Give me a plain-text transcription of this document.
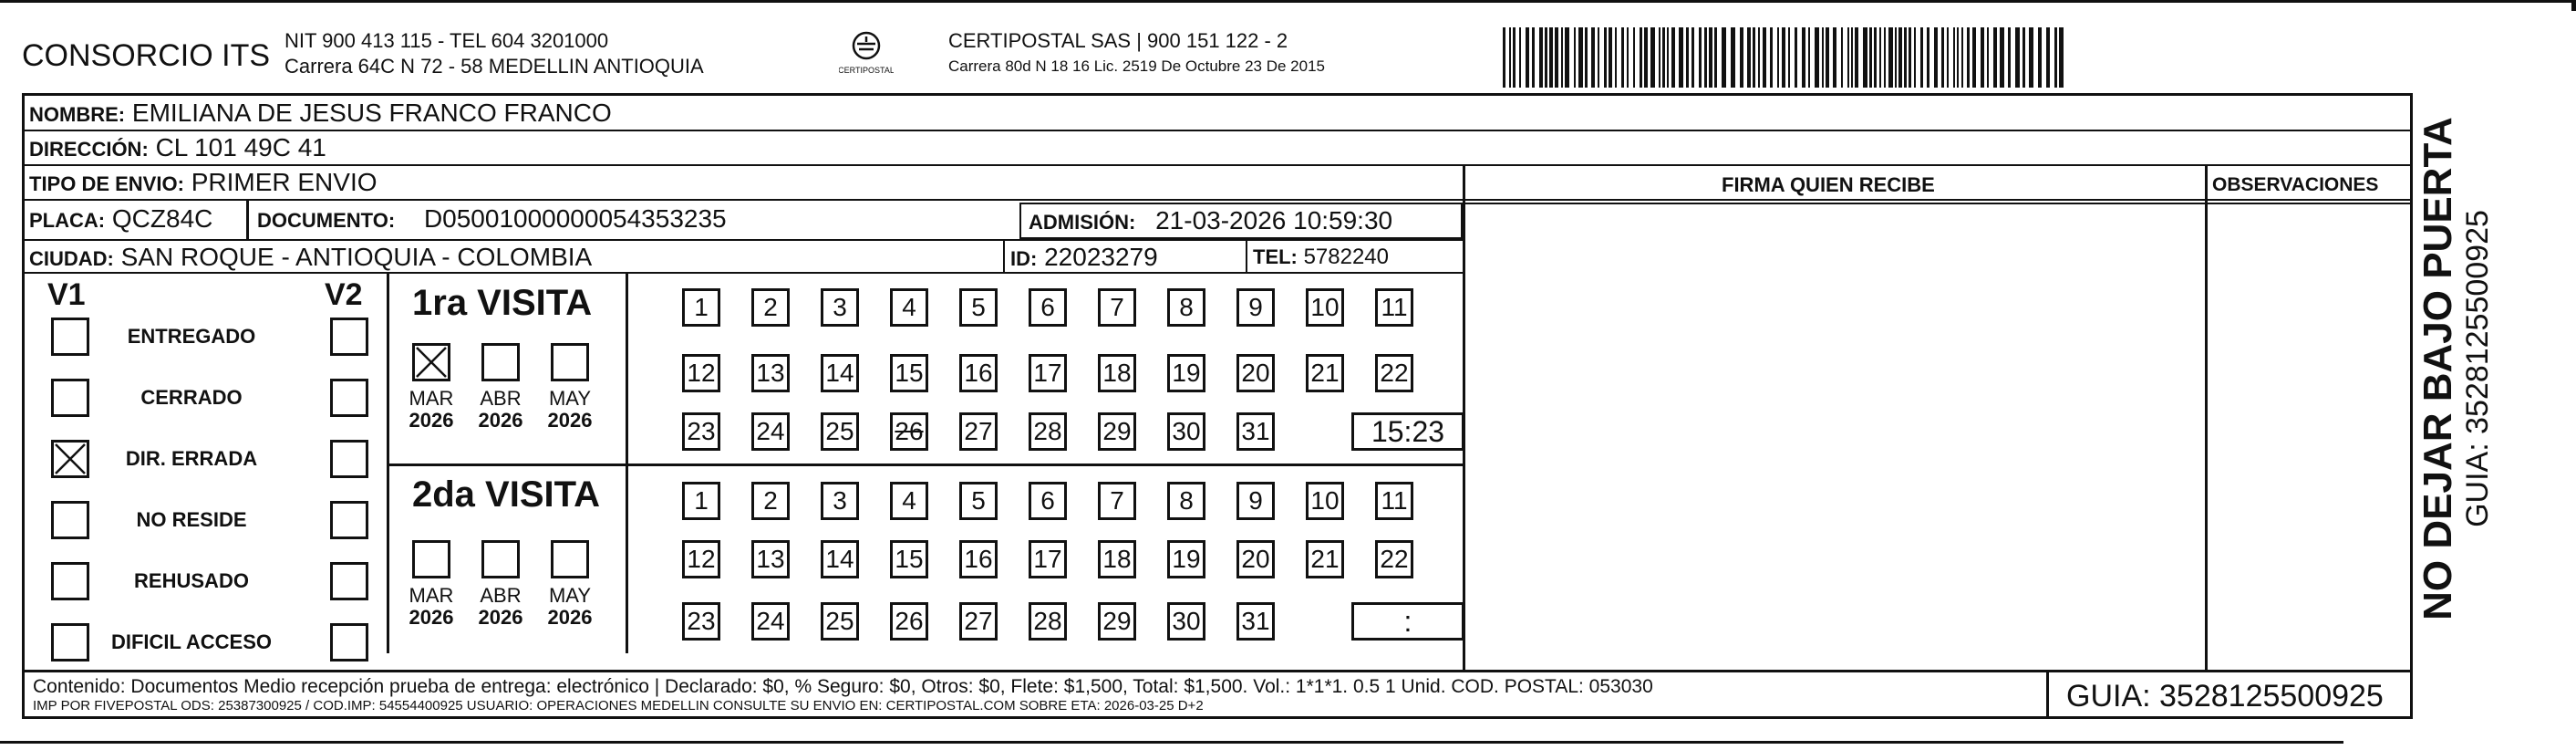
CONSORCIO ITS NIT 900 413 115 - TEL 604 3201000
Carrera 64C N 72 - 58 MEDELLIN ANTIOQUIA	CERTIPOSTAL
CERTIPOSTAL SAS | 900 151 122 - 2
Carrera 80d N 18 16 Lic. 2519 De Octubre 23 De 2015
FIRMA QUIEN RECIBE	OBSERVACIONES
NOMBRE: EMILIANA DE JESUS FRANCO FRANCO
DIRECCIÓN: CL 101 49C 41
TIPO DE ENVIO: PRIMER ENVIO
PLACA: QCZ84C DOCUMENTO: D05001000000054353235	ADMISIÓN: 21-03-2026 10:59:30
CIUDAD: SAN ROQUE - ANTIOQUIA - COLOMBIA	ID: 22023279	TEL: 5782240
V1	V2
ENTREGADO
CERRADO
DIR. ERRADA
NO RESIDE
REHUSADO
DIFICIL ACCESO
1ra VISITA
2da VISITA
MAR
2026
ABR
2026
MAY
2026
MAR
2026
ABR
2026
MAY
2026
1	2	3	4	5	6	7	8	9	10 11
12 13 14 15 16 17 18 19 20 21 22
23 24 25 26 27 28 29 30 31	15:23
1	2	3	4	5	6	7	8	9	10 11
12 13 14 15 16 17 18 19 20 21 22
23 24 25 26 27 28 29 30 31	:
Contenido: Documentos Medio recepción prueba de entrega: electrónico | Declarado: $0, % Seguro: $0, Otros: $0, Flete: $1,500, Total: $1,500. Vol.: 1*1*1. 0.5 1 Unid. COD. POSTAL: 053030
IMP POR FIVEPOSTAL ODS: 25387300925 / COD.IMP: 54554400925 USUARIO: OPERACIONES MEDELLIN CONSULTE SU ENVIO EN: CERTIPOSTAL.COM SOBRE ETA: 2026-03-25 D+2	GUIA: 3528125500925
NO DEJAR BAJO PUERTA GUIA: 3528125500925
